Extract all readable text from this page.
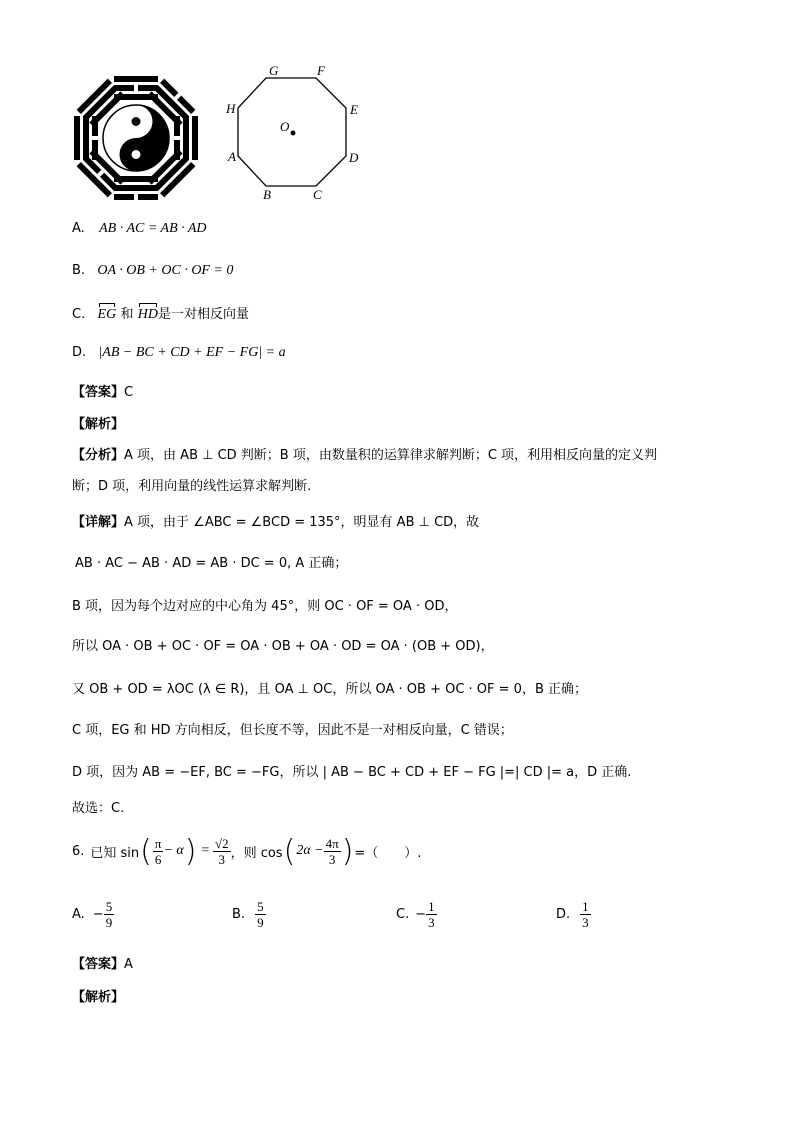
G	F
E
D
C
B
A
H
O
A. AB · AC = AB · AD
B. OA · OB + OC · OF = 0
C. EG 和 HD是一对相反向量
D. |AB − BC + CD + EF − FG| = a
【答案】C
【解析】
【分析】A 项，由 AB ⊥ CD 判断；B 项，由数量积的运算律求解判断；C 项，利用相反向量的定义判
断；D 项，利用向量的线性运算求解判断.
【详解】A 项，由于 ∠ABC = ∠BCD = 135°，明显有 AB ⊥ CD，故
AB · AC − AB · AD = AB · DC = 0, A 正确；
B 项，因为每个边对应的中心角为 45°，则 OC · OF = OA · OD，
所以 OA · OB + OC · OF = OA · OB + OA · OD = OA · (OB + OD)，
又 OB + OD = λOC (λ ∈ R)，且 OA ⊥ OC，所以 OA · OB + OC · OF = 0，B 正确；
C 项，EG 和 HD 方向相反，但长度不等，因此不是一对相反向量，C 错误；
D 项，因为 AB = −EF, BC = −FG，所以 | AB − BC + CD + EF − FG |=| CD |= a，D 正确.
故选：C.
6. 已知 sin ( $\frac{\pi}{6} - \alpha$ ) = $\frac{√2}{3}$ ，则 cos ( $2\alpha - \frac{4\pi}{3}$ ) =（　　）.
A. − $\frac{5}{9}$	B. $\frac{5}{9}$	C. − $\frac{1}{3}$	D. $\frac{1}{3}$
【答案】A
【解析】
